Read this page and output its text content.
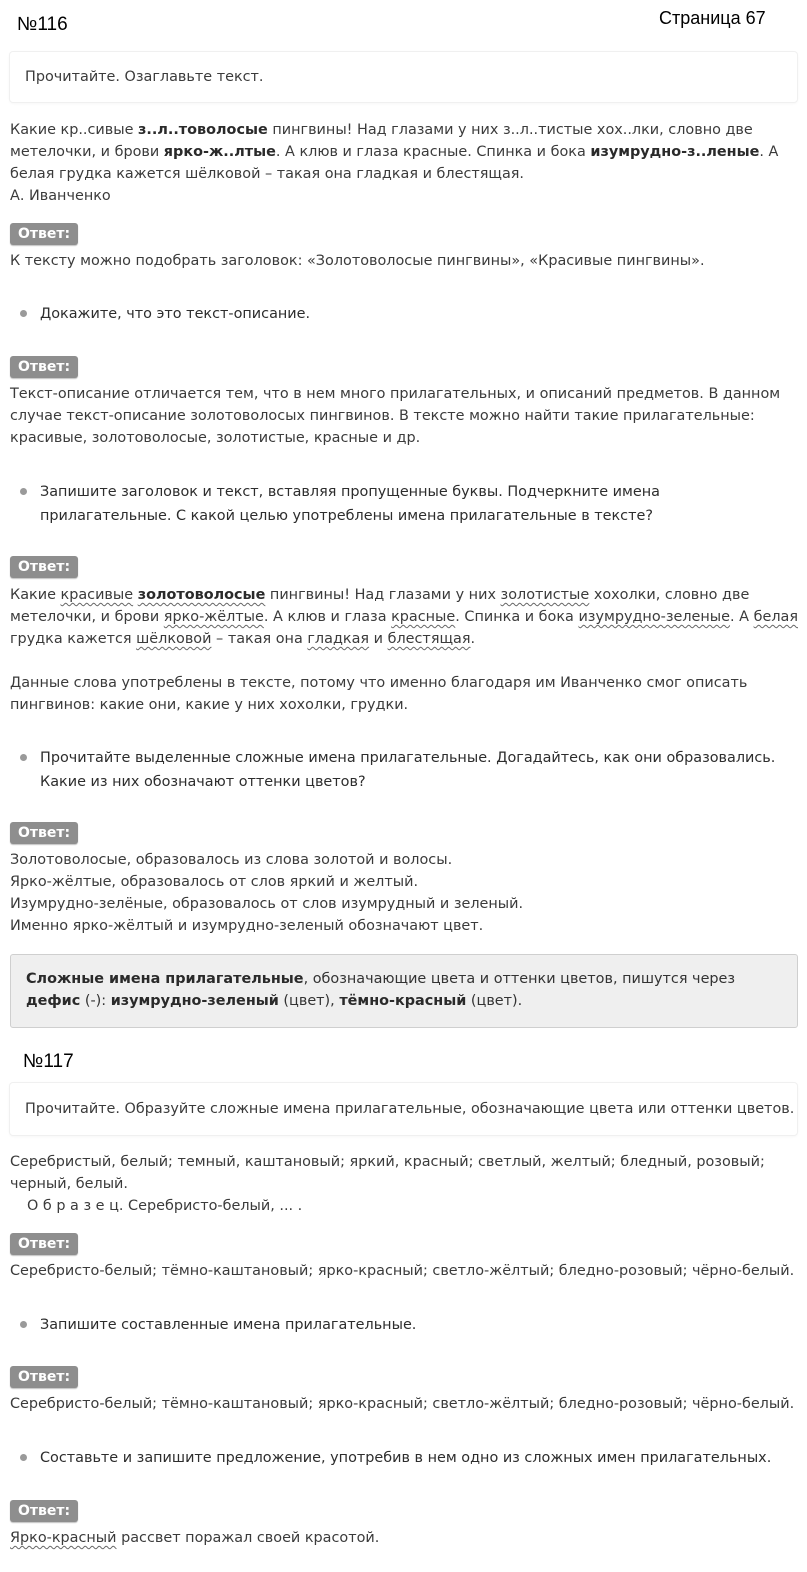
№116	Страница 67
Прочитайте. Озаглавьте текст.

Какие кр..сивые з..л..товолосые пингвины! Над глазами у них з..л..тистые хох..лки, словно две метелочки, и брови ярко-ж..лтые. А клюв и глаза красные. Спинка и бока изумрудно-з..леные. А белая грудка кажется шёлковой – такая она гладкая и блестящая.
А. Иванченко

Ответ:

К тексту можно подобрать заголовок: «Золотоволосые пингвины», «Красивые пингвины».

Докажите, что это текст-описание.
Ответ:

Текст-описание отличается тем, что в нем много прилагательных, и описаний предметов. В данном случае текст-описание золотоволосых пингвинов. В тексте можно найти такие прилагательные: красивые, золотоволосые, золотистые, красные и др.

Запишите заголовок и текст, вставляя пропущенные буквы. Подчеркните имена прилагательные. С какой целью употреблены имена прилагательные в тексте?
Ответ:

Какие красивые золотоволосые пингвины! Над глазами у них золотистые хохолки, словно две метелочки, и брови ярко-жёлтые. А клюв и глаза красные. Спинка и бока изумрудно-зеленые. А белая грудка кажется шёлковой – такая она гладкая и блестящая.

Данные слова употреблены в тексте, потому что именно благодаря им Иванченко смог описать пингвинов: какие они, какие у них хохолки, грудки.

Прочитайте выделенные сложные имена прилагательные. Догадайтесь, как они образовались. Какие из них обозначают оттенки цветов?
Ответ:

Золотоволосые, образовалось из слова золотой и волосы.
Ярко-жёлтые, образовалось от слов яркий и желтый.
Изумрудно-зелёные, образовалось от слов изумрудный и зеленый.
Именно ярко-жёлтый и изумрудно-зеленый обозначают цвет.

Сложные имена прилагательные, обозначающие цвета и оттенки цветов, пишутся через дефис (-): изумрудно-зеленый (цвет), тёмно-красный (цвет).
№117
Прочитайте. Образуйте сложные имена прилагательные, обозначающие цвета или оттенки цветов.

Серебристый, белый; темный, каштановый; яркий, красный; светлый, желтый; бледный, розовый; черный, белый.
О б р а з е ц. Серебристо-белый, ... .

Ответ:

Серебристо-белый; тёмно-каштановый; ярко-красный; светло-жёлтый; бледно-розовый; чёрно-белый.

Запишите составленные имена прилагательные.
Ответ:

Серебристо-белый; тёмно-каштановый; ярко-красный; светло-жёлтый; бледно-розовый; чёрно-белый.

Составьте и запишите предложение, употребив в нем одно из сложных имен прилагательных.
Ответ:

Ярко-красный рассвет поражал своей красотой.
